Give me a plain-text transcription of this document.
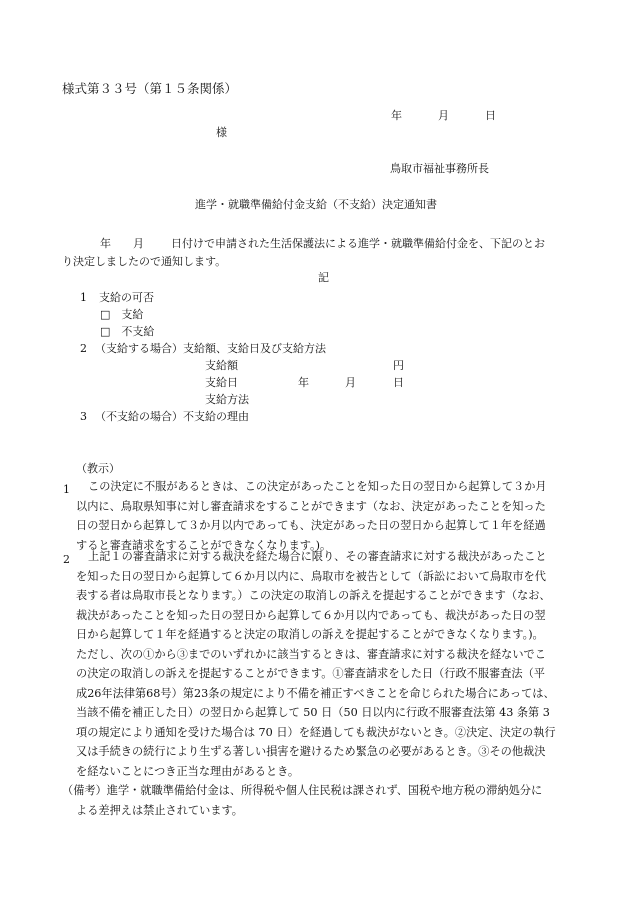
様式第３３号（第１５条関係）
年	月	日
様
鳥取市福祉事務所長
進学・就職準備給付金支給（不支給）決定通知書
年 月 日付けで申請された生活保護法による進学・就職準備給付金を、下記のとお
り決定しましたので通知します。
記
1 支給の可否
□　支給
□　不支給
2 （支給する場合）支給額、支給日及び支給方法
支給額	円
支給日	年	月	日
支給方法
3 （不支給の場合）不支給の理由
（教示）
1	この決定に不服があるときは、この決定があったことを知った日の翌日から起算して３か月
以内に、鳥取県知事に対し審査請求をすることができます（なお、決定があったことを知った
日の翌日から起算して３か月以内であっても、決定があった日の翌日から起算して１年を経過
すると審査請求をすることができなくなります。)。
2	上記１の審査請求に対する裁決を経た場合に限り、その審査請求に対する裁決があったこと
を知った日の翌日から起算して６か月以内に、鳥取市を被告として（訴訟において鳥取市を代
表する者は鳥取市長となります。）この決定の取消しの訴えを提起することができます（なお、
裁決があったことを知った日の翌日から起算して６か月以内であっても、裁決があった日の翌
日から起算して１年を経過すると決定の取消しの訴えを提起することができなくなります。)。
ただし、次の①から③までのいずれかに該当するときは、審査請求に対する裁決を経ないでこ
の決定の取消しの訴えを提起することができます。①審査請求をした日（行政不服審査法（平
成26年法律第68号）第23条の規定により不備を補正すべきことを命じられた場合にあっては、
当該不備を補正した日）の翌日から起算して 50 日（50 日以内に行政不服審査法第 43 条第 3
項の規定により通知を受けた場合は 70 日）を経過しても裁決がないとき。②決定、決定の執行
又は手続きの続行により生ずる著しい損害を避けるため緊急の必要があるとき。③その他裁決
を経ないことにつき正当な理由があるとき。
（備考）進学・就職準備給付金は、所得税や個人住民税は課されず、国税や地方税の滞納処分に
よる差押えは禁止されています。
